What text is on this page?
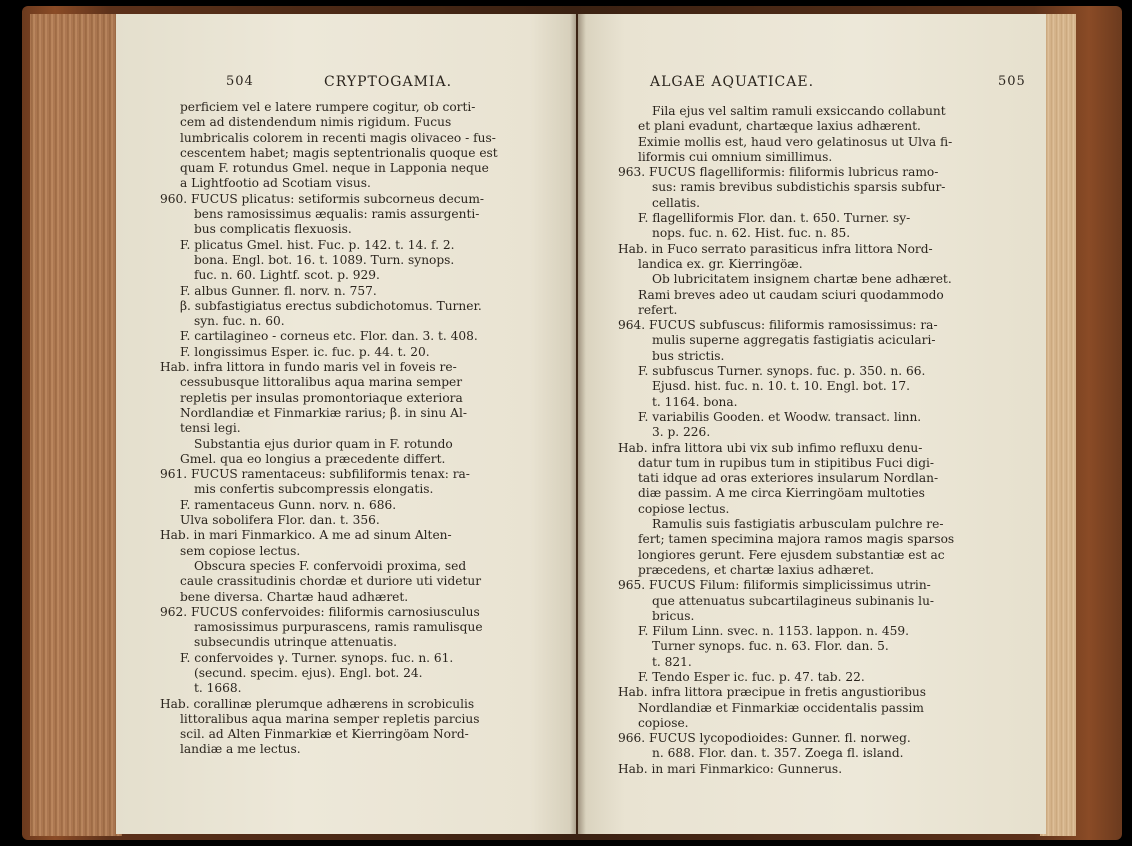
504	CRYPTOGAMIA.
perficiem vel e latere rumpere cogitur, ob corti-
cem ad distendendum nimis rigidum. Fucus
lumbricalis colorem in recenti magis olivaceo - fus-
cescentem habet; magis septentrionalis quoque est
quam F. rotundus Gmel. neque in Lapponia neque
a Lightfootio ad Scotiam visus.
960. FUCUS plicatus: setiformis subcorneus decum-
bens ramosissimus æqualis: ramis assurgenti-
bus complicatis flexuosis.
F. plicatus Gmel. hist. Fuc. p. 142. t. 14. f. 2.
bona. Engl. bot. 16. t. 1089. Turn. synops.
fuc. n. 60. Lightf. scot. p. 929.
F. albus Gunner. fl. norv. n. 757.
β. subfastigiatus erectus subdichotomus. Turner.
syn. fuc. n. 60.
F. cartilagineo - corneus etc. Flor. dan. 3. t. 408.
F. longissimus Esper. ic. fuc. p. 44. t. 20.
Hab. infra littora in fundo maris vel in foveis re-
cessubusque littoralibus aqua marina semper
repletis per insulas promontoriaque exteriora
Nordlandiæ et Finmarkiæ rarius; β. in sinu Al-
tensi legi.
Substantia ejus durior quam in F. rotundo
Gmel. qua eo longius a præcedente differt.
961. FUCUS ramentaceus: subfiliformis tenax: ra-
mis confertis subcompressis elongatis.
F. ramentaceus Gunn. norv. n. 686.
Ulva sobolifera Flor. dan. t. 356.
Hab. in mari Finmarkico. A me ad sinum Alten-
sem copiose lectus.
Obscura species F. confervoidi proxima, sed
caule crassitudinis chordæ et duriore uti videtur
bene diversa. Chartæ haud adhæret.
962. FUCUS confervoides: filiformis carnosiusculus
ramosissimus purpurascens, ramis ramulisque
subsecundis utrinque attenuatis.
F. confervoides γ. Turner. synops. fuc. n. 61.
(secund. specim. ejus). Engl. bot. 24.
t. 1668.
Hab. corallinæ plerumque adhærens in scrobiculis
littoralibus aqua marina semper repletis parcius
scil. ad Alten Finmarkiæ et Kierringöam Nord-
landiæ a me lectus.
ALGAE AQUATICAE.	505
Fila ejus vel saltim ramuli exsiccando collabunt
et plani evadunt, chartæque laxius adhærent.
Eximie mollis est, haud vero gelatinosus ut Ulva fi-
liformis cui omnium simillimus.
963. FUCUS flagelliformis: filiformis lubricus ramo-
sus: ramis brevibus subdistichis sparsis subfur-
cellatis.
F. flagelliformis Flor. dan. t. 650. Turner. sy-
nops. fuc. n. 62. Hist. fuc. n. 85.
Hab. in Fuco serrato parasiticus infra littora Nord-
landica ex. gr. Kierringöæ.
Ob lubricitatem insignem chartæ bene adhæret.
Rami breves adeo ut caudam sciuri quodammodo
refert.
964. FUCUS subfuscus: filiformis ramosissimus: ra-
mulis superne aggregatis fastigiatis aciculari-
bus strictis.
F. subfuscus Turner. synops. fuc. p. 350. n. 66.
Ejusd. hist. fuc. n. 10. t. 10. Engl. bot. 17.
t. 1164. bona.
F. variabilis Gooden. et Woodw. transact. linn.
3. p. 226.
Hab. infra littora ubi vix sub infimo refluxu denu-
datur tum in rupibus tum in stipitibus Fuci digi-
tati idque ad oras exteriores insularum Nordlan-
diæ passim. A me circa Kierringöam multoties
copiose lectus.
Ramulis suis fastigiatis arbusculam pulchre re-
fert; tamen specimina majora ramos magis sparsos
longiores gerunt. Fere ejusdem substantiæ est ac
præcedens, et chartæ laxius adhæret.
965. FUCUS Filum: filiformis simplicissimus utrin-
que attenuatus subcartilagineus subinanis lu-
bricus.
F. Filum Linn. svec. n. 1153. lappon. n. 459.
Turner synops. fuc. n. 63. Flor. dan. 5.
t. 821.
F. Tendo Esper ic. fuc. p. 47. tab. 22.
Hab. infra littora præcipue in fretis angustioribus
Nordlandiæ et Finmarkiæ occidentalis passim
copiose.
966. FUCUS lycopodioides: Gunner. fl. norweg.
n. 688. Flor. dan. t. 357. Zoega fl. island.
Hab. in mari Finmarkico: Gunnerus.
